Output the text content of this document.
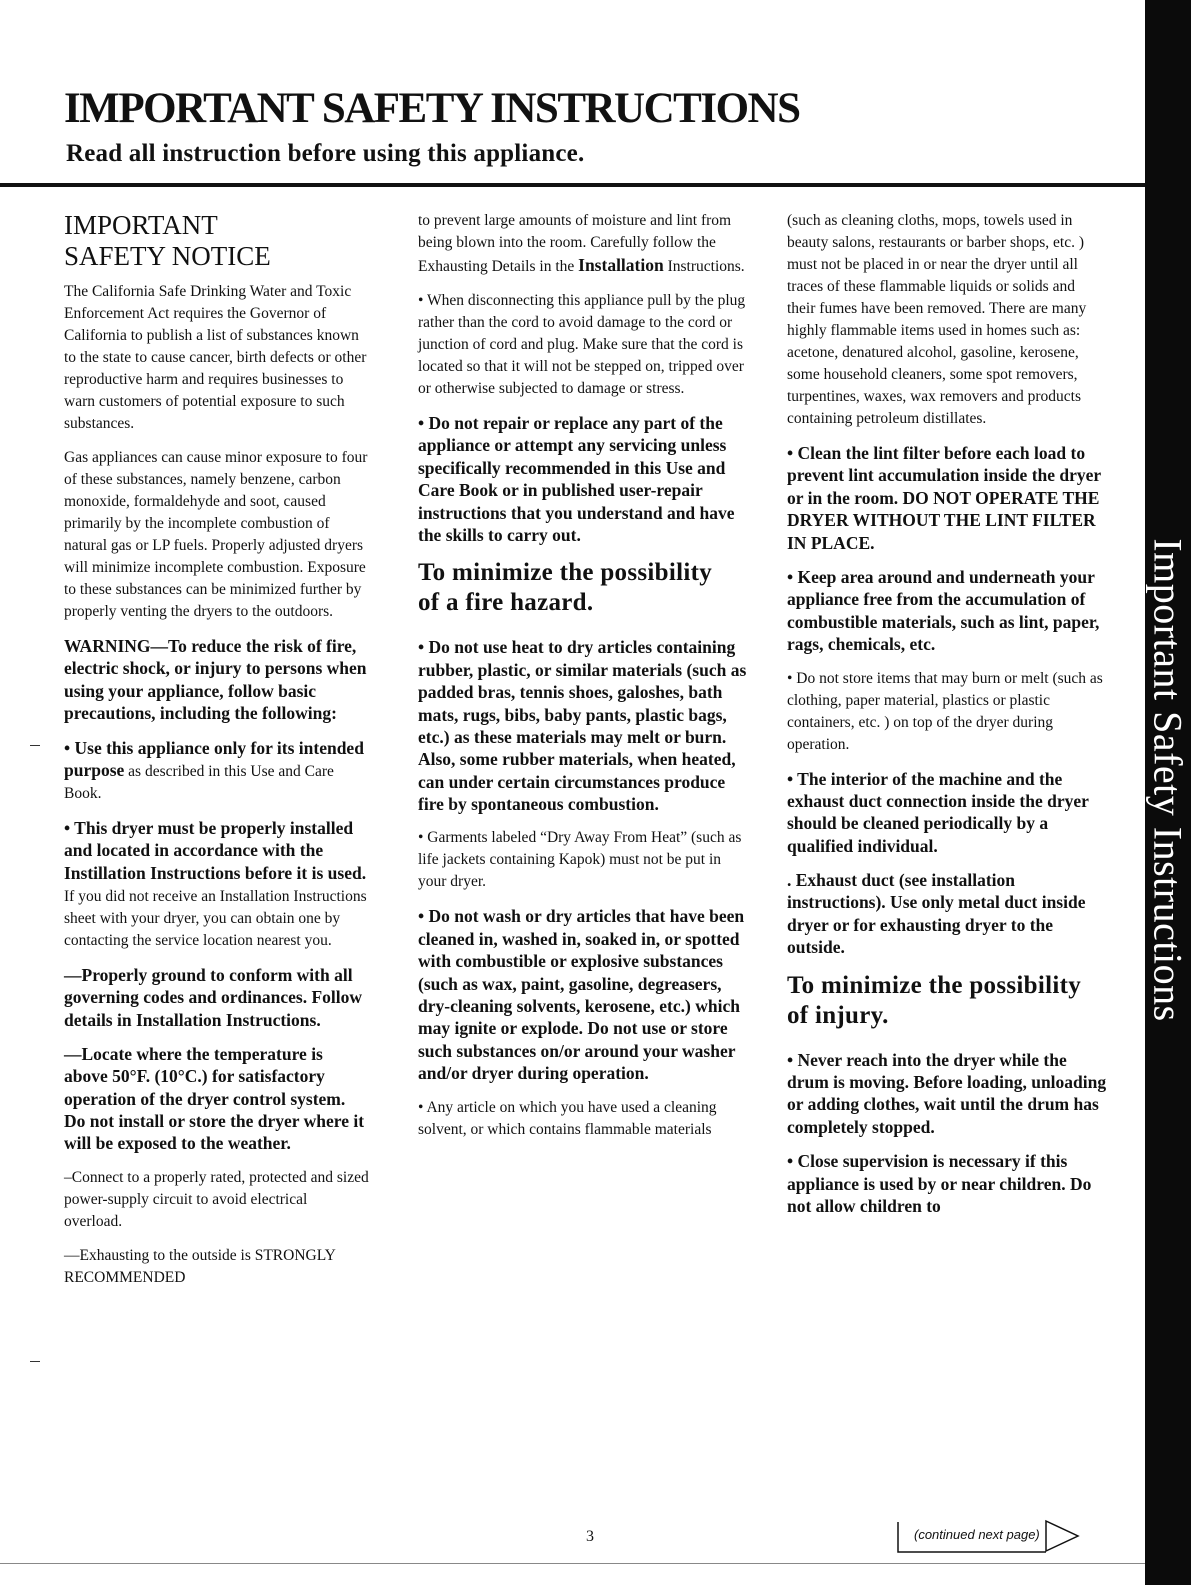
Important Safety Instructions
IMPORTANT SAFETY INSTRUCTIONS
Read all instruction before using this appliance.
IMPORTANT
SAFETY NOTICE

The California Safe Drinking Water and Toxic Enforcement Act requires the Governor of California to publish a list of substances known to the state to cause cancer, birth defects or other reproductive harm and requires businesses to warn customers of potential exposure to such substances.

Gas appliances can cause minor exposure to four of these substances, namely benzene, carbon monoxide, formaldehyde and soot, caused primarily by the incomplete combustion of natural gas or LP fuels. Properly adjusted dryers will minimize incomplete combustion. Exposure to these substances can be minimized further by properly venting the dryers to the outdoors.

WARNING—To reduce the risk of fire, electric shock, or injury to persons when using your appliance, follow basic precautions, including the following:

• Use this appliance only for its intended purpose as described in this Use and Care Book.

• This dryer must be properly installed and located in accordance with the Instillation Instructions before it is used. If you did not receive an Installation Instructions sheet with your dryer, you can obtain one by contacting the service location nearest you.

—Properly ground to conform with all governing codes and ordinances. Follow details in Installation Instructions.

—Locate where the temperature is above 50°F. (10°C.) for satisfactory operation of the dryer control system. Do not install or store the dryer where it will be exposed to the weather.

–Connect to a properly rated, protected and sized power-supply circuit to avoid electrical overload.

—Exhausting to the outside is STRONGLY RECOMMENDED

to prevent large amounts of moisture and lint from being blown into the room. Carefully follow the Exhausting Details in the Installation Instructions.

• When disconnecting this appliance pull by the plug rather than the cord to avoid damage to the cord or junction of cord and plug. Make sure that the cord is located so that it will not be stepped on, tripped over or otherwise subjected to damage or stress.

• Do not repair or replace any part of the appliance or attempt any servicing unless specifically recommended in this Use and Care Book or in published user-repair instructions that you understand and have the skills to carry out.

To minimize the possibility
of a fire hazard.

• Do not use heat to dry articles containing rubber, plastic, or similar materials (such as padded bras, tennis shoes, galoshes, bath mats, rugs, bibs, baby pants, plastic bags, etc.) as these materials may melt or burn. Also, some rubber materials, when heated, can under certain circumstances produce fire by spontaneous combustion.

• Garments labeled “Dry Away From Heat” (such as life jackets containing Kapok) must not be put in your dryer.

• Do not wash or dry articles that have been cleaned in, washed in, soaked in, or spotted with combustible or explosive substances (such as wax, paint, gasoline, degreasers, dry-cleaning solvents, kerosene, etc.) which may ignite or explode. Do not use or store such substances on/or around your washer and/or dryer during operation.

• Any article on which you have used a cleaning solvent, or which contains flammable materials

(such as cleaning cloths, mops, towels used in beauty salons, restaurants or barber shops, etc. ) must not be placed in or near the dryer until all traces of these flammable liquids or solids and their fumes have been removed. There are many highly flammable items used in homes such as: acetone, denatured alcohol, gasoline, kerosene, some household cleaners, some spot removers, turpentines, waxes, wax removers and products containing petroleum distillates.

• Clean the lint filter before each load to prevent lint accumulation inside the dryer or in the room. DO NOT OPERATE THE DRYER WITHOUT THE LINT FILTER IN PLACE.

• Keep area around and underneath your appliance free from the accumulation of combustible materials, such as lint, paper, rags, chemicals, etc.

• Do not store items that may burn or melt (such as clothing, paper material, plastics or plastic containers, etc. ) on top of the dryer during operation.

• The interior of the machine and the exhaust duct connection inside the dryer should be cleaned periodically by a qualified individual.

. Exhaust duct (see installation instructions). Use only metal duct inside dryer or for exhausting dryer to the outside.

To minimize the possibility
of injury.

• Never reach into the dryer while the drum is moving. Before loading, unloading or adding clothes, wait until the drum has completely stopped.

• Close supervision is necessary if this appliance is used by or near children. Do not allow children to

3	(continued next page)
